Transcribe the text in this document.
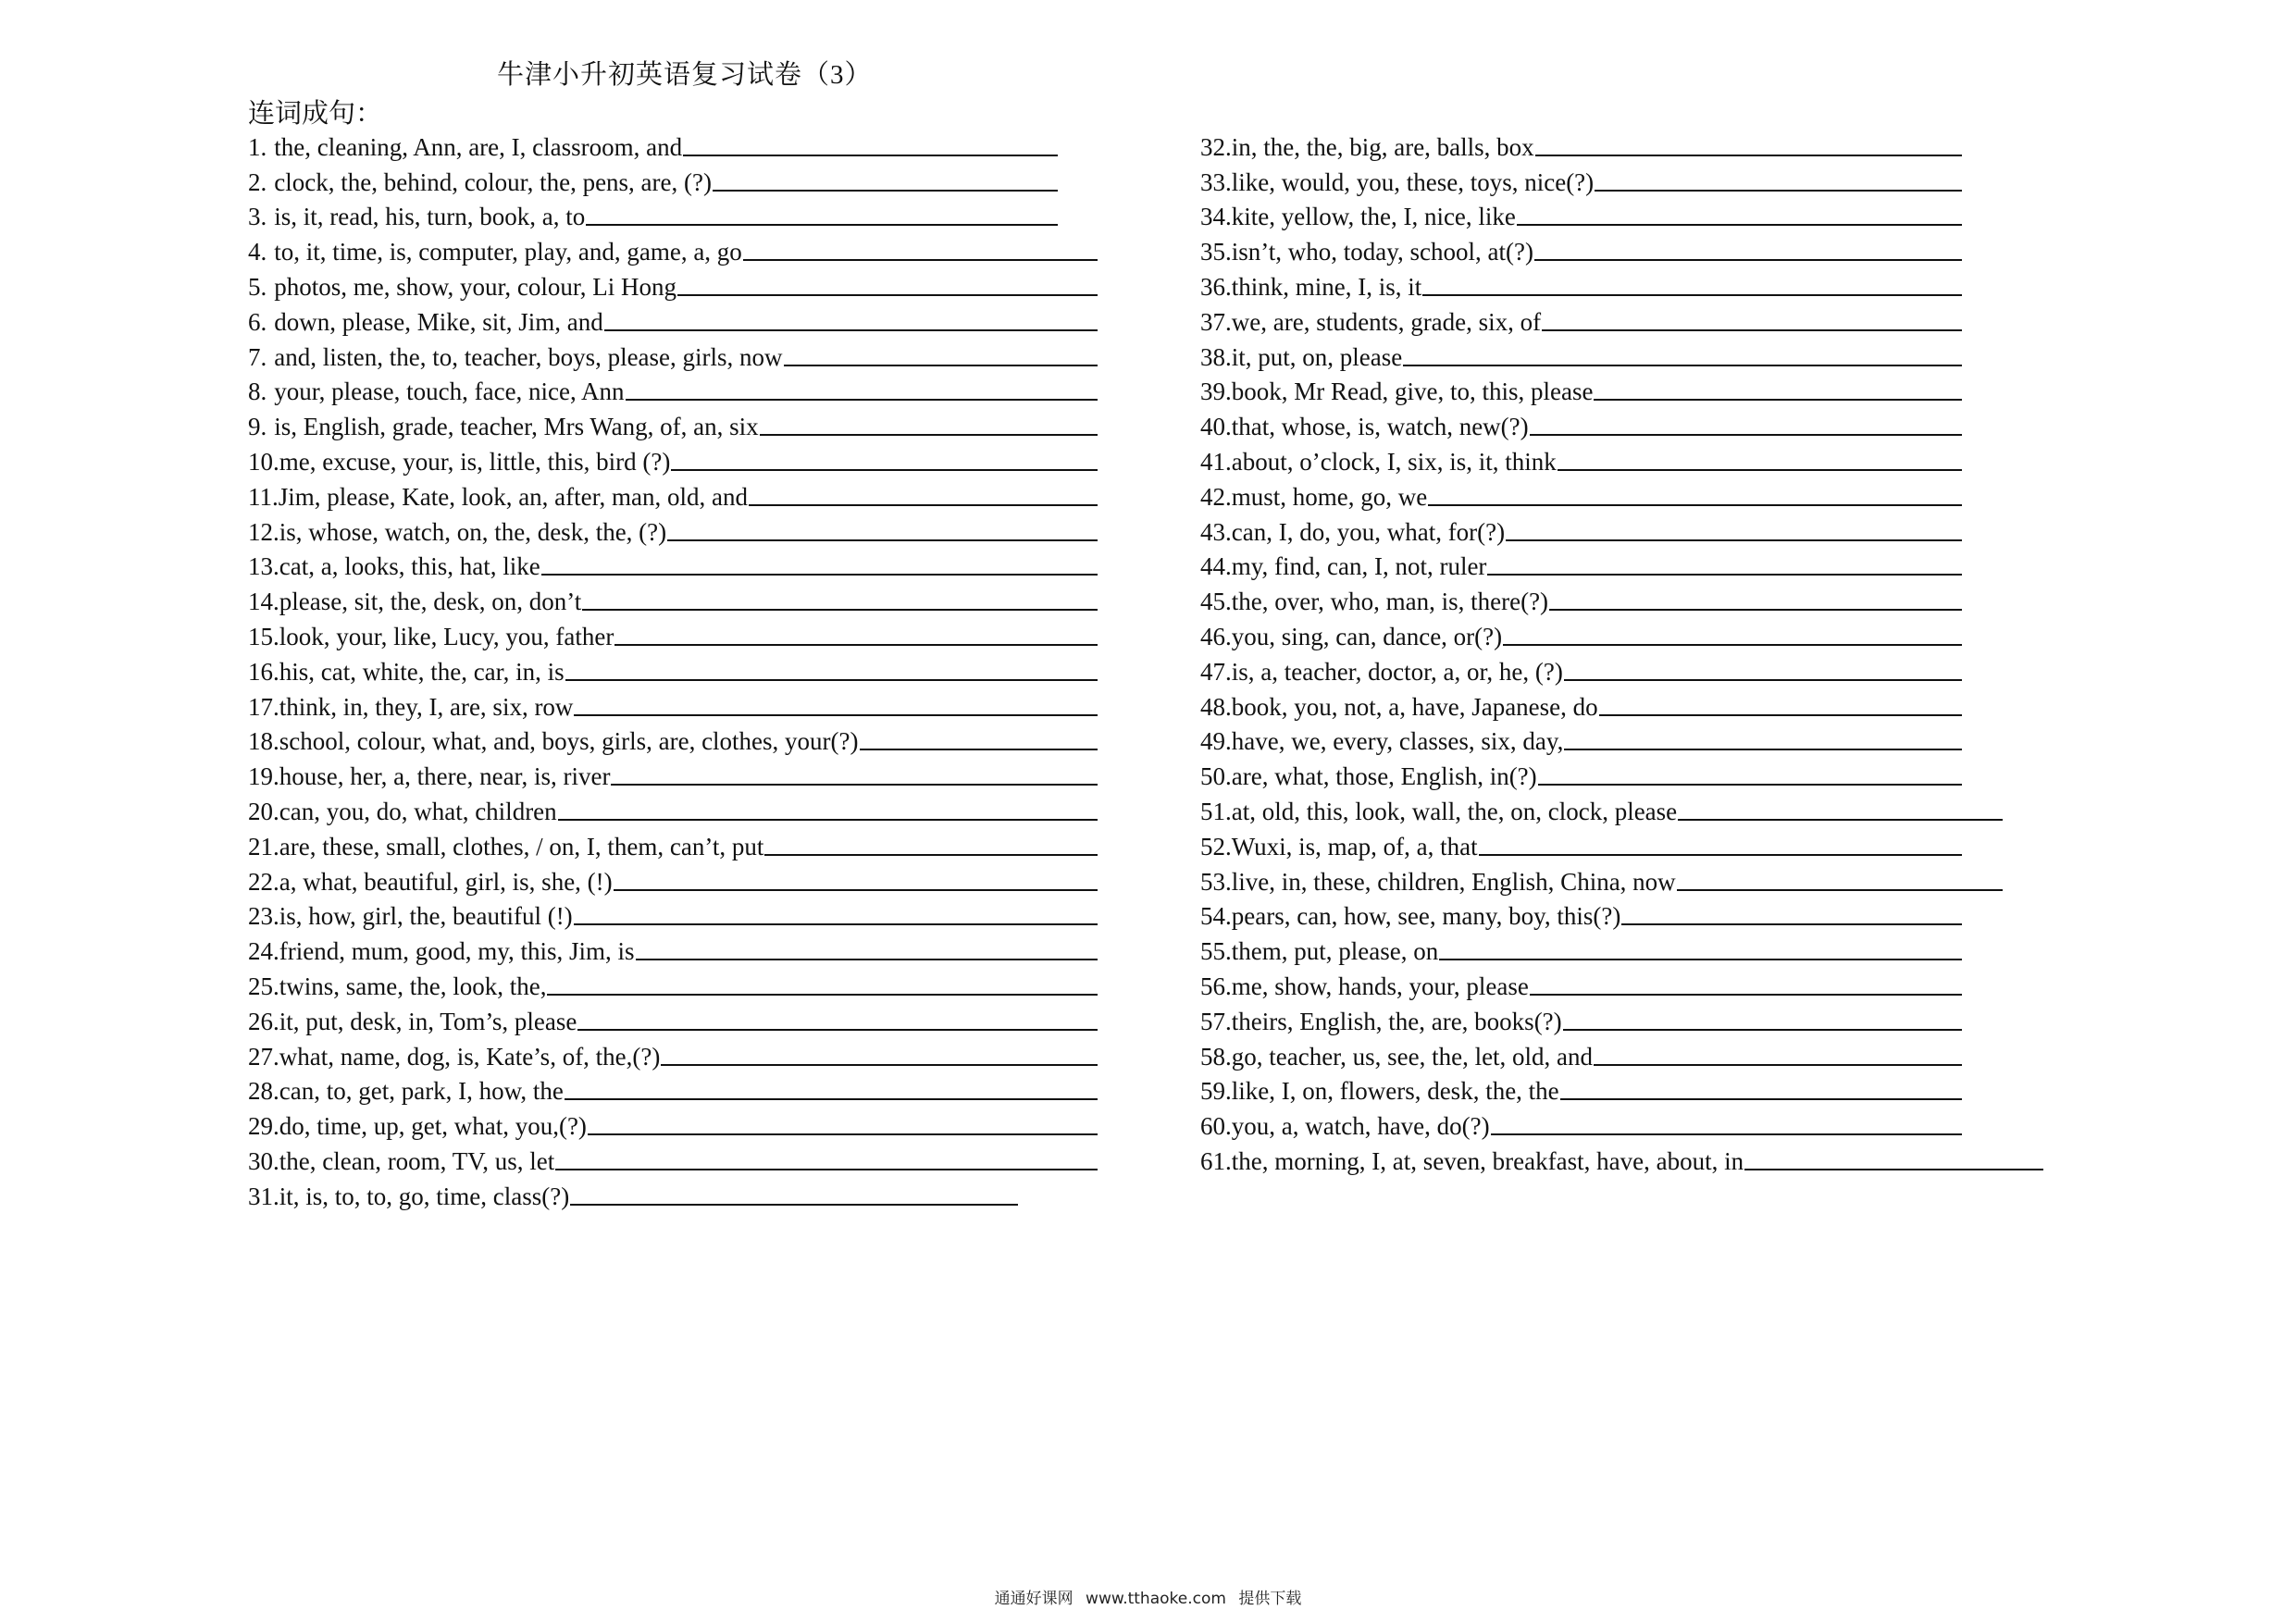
牛津小升初英语复习试卷（3）
连词成句：
1. the, cleaning, Ann, are, I, classroom, and
2. clock, the, behind, colour, the, pens, are, (?)
3. is, it, read, his, turn, book, a, to
4. to, it, time, is, computer, play, and, game, a, go
5. photos, me, show, your, colour, Li Hong
6. down, please, Mike, sit, Jim, and
7. and, listen, the, to, teacher, boys, please, girls, now
8. your, please, touch, face, nice, Ann
9. is, English, grade, teacher, Mrs Wang, of, an, six
10. me, excuse, your, is, little, this, bird (?)
11. Jim, please, Kate, look, an, after, man, old, and
12. is, whose, watch, on, the, desk, the, (?)
13. cat, a, looks, this, hat, like
14. please, sit, the, desk, on, don’t
15. look, your, like, Lucy, you, father
16. his, cat, white, the, car, in, is
17. think, in, they, I, are, six, row
18. school, colour, what, and, boys, girls, are, clothes, your(?)
19. house, her, a, there, near, is, river
20. can, you, do, what, children
21. are, these, small, clothes, / on, I, them, can’t, put
22. a, what, beautiful, girl, is, she, (!)
23. is, how, girl, the, beautiful (!)
24. friend, mum, good, my, this, Jim, is
25. twins, same, the, look, the,
26. it, put, desk, in, Tom’s, please
27. what, name, dog, is, Kate’s, of, the,(?)
28. can, to, get, park, I, how, the
29. do, time, up, get, what, you,(?)
30. the, clean, room, TV, us, let
31. it, is, to, to, go, time, class(?)
32. in, the, the, big, are, balls, box
33. like, would, you, these, toys, nice(?)
34. kite, yellow, the, I, nice, like
35. isn’t, who, today, school, at(?)
36. think, mine, I, is, it
37. we, are, students, grade, six, of
38. it, put, on, please
39. book, Mr Read, give, to, this, please
40. that, whose, is, watch, new(?)
41. about, o’clock, I, six, is, it, think
42. must, home, go, we
43. can, I, do, you, what, for(?)
44. my, find, can, I, not, ruler
45. the, over, who, man, is, there(?)
46. you, sing, can, dance, or(?)
47. is, a, teacher, doctor, a, or, he, (?)
48. book, you, not, a, have, Japanese, do
49. have, we, every, classes, six, day,
50. are, what, those, English, in(?)
51. at, old, this, look, wall, the, on, clock, please
52. Wuxi, is, map, of, a, that
53. live, in, these, children, English, China, now
54. pears, can, how, see, many, boy, this(?)
55. them, put, please, on
56. me, show, hands, your, please
57. theirs, English, the, are, books(?)
58. go, teacher, us, see, the, let, old, and
59. like, I, on, flowers, desk, the, the
60. you, a, watch, have, do(?)
61. the, morning, I, at, seven, breakfast, have, about, in
通通好课网 www.tthaoke.com 提供下载
